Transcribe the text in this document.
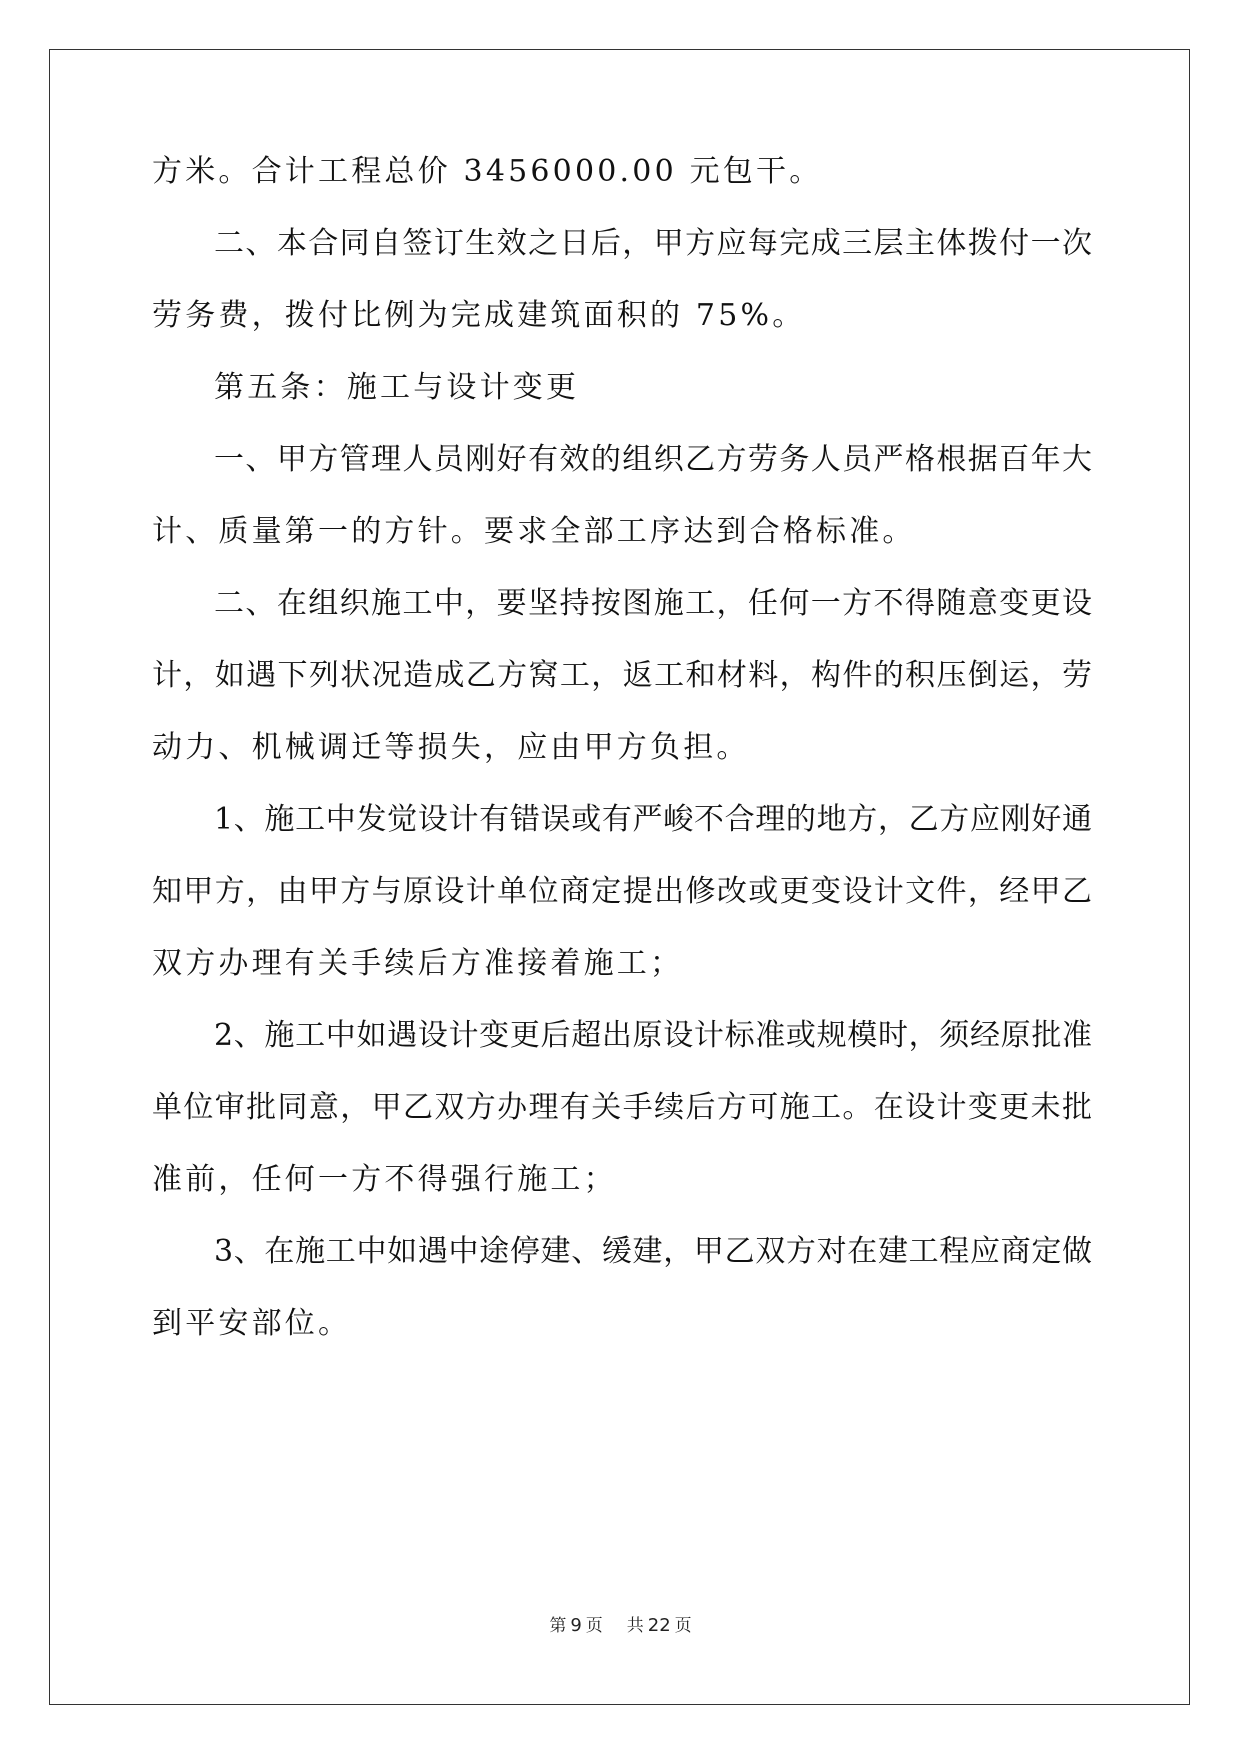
方米。合计工程总价 3456000.00 元包干。
二、本合同自签订生效之日后，甲方应每完成三层主体拨付一次
劳务费，拨付比例为完成建筑面积的 75%。
第五条：施工与设计变更
一、甲方管理人员刚好有效的组织乙方劳务人员严格根据百年大
计、质量第一的方针。要求全部工序达到合格标准。
二、在组织施工中，要坚持按图施工，任何一方不得随意变更设
计，如遇下列状况造成乙方窝工，返工和材料，构件的积压倒运，劳
动力、机械调迁等损失，应由甲方负担。
1、施工中发觉设计有错误或有严峻不合理的地方，乙方应刚好通
知甲方，由甲方与原设计单位商定提出修改或更变设计文件，经甲乙
双方办理有关手续后方准接着施工；
2、施工中如遇设计变更后超出原设计标准或规模时，须经原批准
单位审批同意，甲乙双方办理有关手续后方可施工。在设计变更未批
准前，任何一方不得强行施工；
3、在施工中如遇中途停建、缓建，甲乙双方对在建工程应商定做
到平安部位。
第 9 页 共 22 页
